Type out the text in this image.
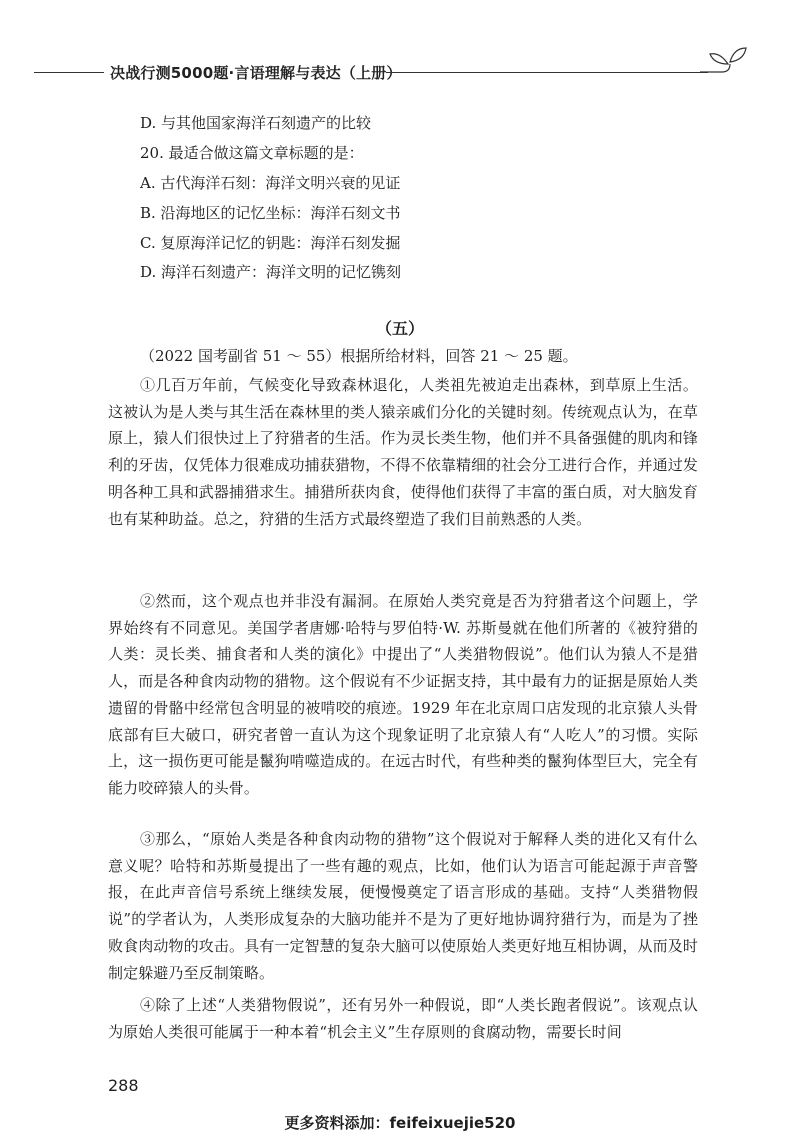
决战行测5000题·言语理解与表达（上册）
D. 与其他国家海洋石刻遗产的比较
20. 最适合做这篇文章标题的是：
A. 古代海洋石刻：海洋文明兴衰的见证
B. 沿海地区的记忆坐标：海洋石刻文书
C. 复原海洋记忆的钥匙：海洋石刻发掘
D. 海洋石刻遗产：海洋文明的记忆镌刻
（五）
（2022 国考副省 51 ～ 55）根据所给材料，回答 21 ～ 25 题。
①几百万年前，气候变化导致森林退化，人类祖先被迫走出森林，到草原上生活。这被认为是人类与其生活在森林里的类人猿亲戚们分化的关键时刻。传统观点认为，在草原上，猿人们很快过上了狩猎者的生活。作为灵长类生物，他们并不具备强健的肌肉和锋利的牙齿，仅凭体力很难成功捕获猎物，不得不依靠精细的社会分工进行合作，并通过发明各种工具和武器捕猎求生。捕猎所获肉食，使得他们获得了丰富的蛋白质，对大脑发育也有某种助益。总之，狩猎的生活方式最终塑造了我们目前熟悉的人类。
②然而，这个观点也并非没有漏洞。在原始人类究竟是否为狩猎者这个问题上，学界始终有不同意见。美国学者唐娜·哈特与罗伯特·W. 苏斯曼就在他们所著的《被狩猎的人类：灵长类、捕食者和人类的演化》中提出了“人类猎物假说”。他们认为猿人不是猎人，而是各种食肉动物的猎物。这个假说有不少证据支持，其中最有力的证据是原始人类遗留的骨骼中经常包含明显的被啃咬的痕迹。1929 年在北京周口店发现的北京猿人头骨底部有巨大破口，研究者曾一直认为这个现象证明了北京猿人有“人吃人”的习惯。实际上，这一损伤更可能是鬣狗啃噬造成的。在远古时代，有些种类的鬣狗体型巨大，完全有能力咬碎猿人的头骨。
③那么，“原始人类是各种食肉动物的猎物”这个假说对于解释人类的进化又有什么意义呢？哈特和苏斯曼提出了一些有趣的观点，比如，他们认为语言可能起源于声音警报，在此声音信号系统上继续发展，便慢慢奠定了语言形成的基础。支持“人类猎物假说”的学者认为，人类形成复杂的大脑功能并不是为了更好地协调狩猎行为，而是为了挫败食肉动物的攻击。具有一定智慧的复杂大脑可以使原始人类更好地互相协调，从而及时制定躲避乃至反制策略。
④除了上述“人类猎物假说”，还有另外一种假说，即“人类长跑者假说”。该观点认为原始人类很可能属于一种本着“机会主义”生存原则的食腐动物，需要长时间
288
更多资料添加：feifeixuejie520
